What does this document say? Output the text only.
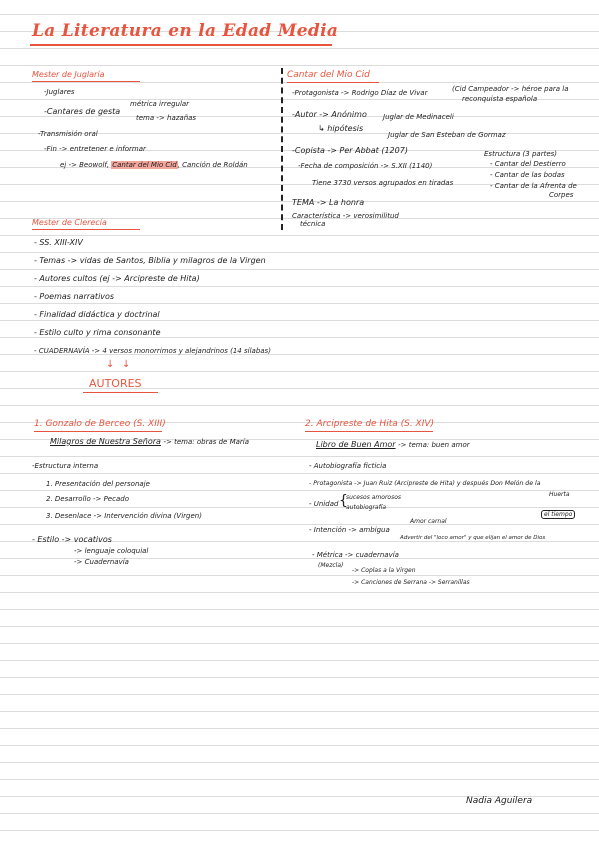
La Literatura en la Edad Media
Mester de Juglaría
-Juglares
-Cantares de gesta
métrica irregular
tema -> hazañas
-Transmisión oral
-Fin -> entretener e informar
ej -> Beowolf, Cantar del Mio Cid, Canción de Roldán
Cantar del Mio Cid
-Protagonista -> Rodrigo Díaz de Vivar	(Cid Campeador -> héroe para la
reconquista española
-Autor -> Anónimo
↳ hipótesis
Juglar de Medinaceli
Juglar de San Esteban de Gormaz
-Copista -> Per Abbat (1207)
-Fecha de composición -> S.XII (1140)
Tiene 3730 versos agrupados en tiradas
Estructura (3 partes)
- Cantar del Destierro
- Cantar de las bodas
- Cantar de la Afrenta de
Corpes
TEMA -> La honra
Característica -> verosimilitud
técnica
Mester de Clerecía
- SS. XIII-XIV
- Temas -> vidas de Santos, Biblia y milagros de la Virgen
- Autores cultos (ej -> Arcipreste de Hita)
- Poemas narrativos
- Finalidad didáctica y doctrinal
- Estilo culto y rima consonante
- CUADERNAVÍA -> 4 versos monorrimos y alejandrinos (14 sílabas)
↓ ↓
AUTORES
1. Gonzalo de Berceo (S. XIII)
Milagros de Nuestra Señora -> tema: obras de María
-Estructura interna
1. Presentación del personaje
2. Desarrollo -> Pecado
3. Desenlace -> Intervención divina (Virgen)
- Estilo -> vocativos
-> lenguaje coloquial
-> Cuadernavía
2. Arcipreste de Hita (S. XIV)
Libro de Buen Amor -> tema: buen amor
- Autobiografía ficticia
- Protagonista -> Juan Ruiz (Arcipreste de Hita) y después Don Melón de la
Huerta
- Unidad {
sucesos amorosos
autobiografía
el tiempo
- Intención -> ambigua
Amor carnal
Advertir del "loco amor" y que elijan el amor de Dios
- Métrica -> cuadernavía
(Mezcla)
-> Coplas a la Virgen
-> Canciones de Serrana -> Serranillas
Nadia Aguilera
